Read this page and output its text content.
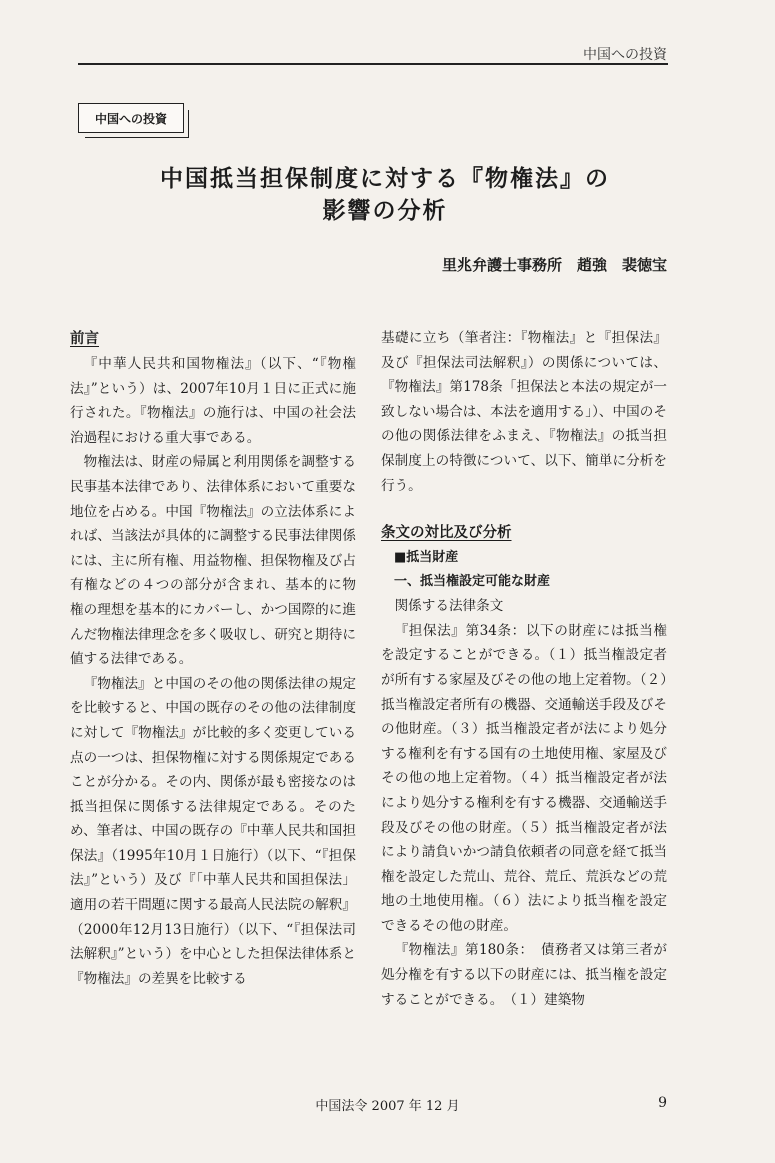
中国への投資
中国への投資
中国抵当担保制度に対する『物権法』の
影響の分析
里兆弁護士事務所　趙強　裴徳宝
前言

『中華人民共和国物権法』（以下、“『物権法』”という）は、2007年10月１日に正式に施行された。『物権法』の施行は、中国の社会法治過程における重大事である。

物権法は、財産の帰属と利用関係を調整する民事基本法律であり、法律体系において重要な地位を占める。中国『物権法』の立法体系によれば、当該法が具体的に調整する民事法律関係には、主に所有権、用益物権、担保物権及び占有権などの４つの部分が含まれ、基本的に物権の理想を基本的にカバーし、かつ国際的に進んだ物権法律理念を多く吸収し、研究と期待に値する法律である。

『物権法』と中国のその他の関係法律の規定を比較すると、中国の既存のその他の法律制度に対して『物権法』が比較的多く変更している点の一つは、担保物権に対する関係規定であることが分かる。その内、関係が最も密接なのは抵当担保に関係する法律規定である。そのため、筆者は、中国の既存の『中華人民共和国担保法』（1995年10月１日施行）（以下、“『担保法』”という）及び『「中華人民共和国担保法」適用の若干問題に関する最高人民法院の解釈』（2000年12月13日施行）（以下、“『担保法司法解釈』”という）を中心とした担保法律体系と『物権法』の差異を比較する

基礎に立ち（筆者注：『物権法』と『担保法』及び『担保法司法解釈』）の関係については、『物権法』第178条「担保法と本法の規定が一致しない場合は、本法を適用する」）、中国のその他の関係法律をふまえ、『物権法』の抵当担保制度上の特徴について、以下、簡単に分析を行う。

条文の対比及び分析

■抵当財産

一、抵当権設定可能な財産

関係する法律条文

『担保法』第34条：以下の財産には抵当権を設定することができる。（１）抵当権設定者が所有する家屋及びその他の地上定着物。（２）抵当権設定者所有の機器、交通輸送手段及びその他財産。（３）抵当権設定者が法により処分する権利を有する国有の土地使用権、家屋及びその他の地上定着物。（４）抵当権設定者が法により処分する権利を有する機器、交通輸送手段及びその他の財産。（５）抵当権設定者が法により請負いかつ請負依頼者の同意を経て抵当権を設定した荒山、荒谷、荒丘、荒浜などの荒地の土地使用権。（６）法により抵当権を設定できるその他の財産。

『物権法』第180条：　債務者又は第三者が処分権を有する以下の財産には、抵当権を設定することができる。　（１）建築物

中国法令 2007 年 12 月	9
